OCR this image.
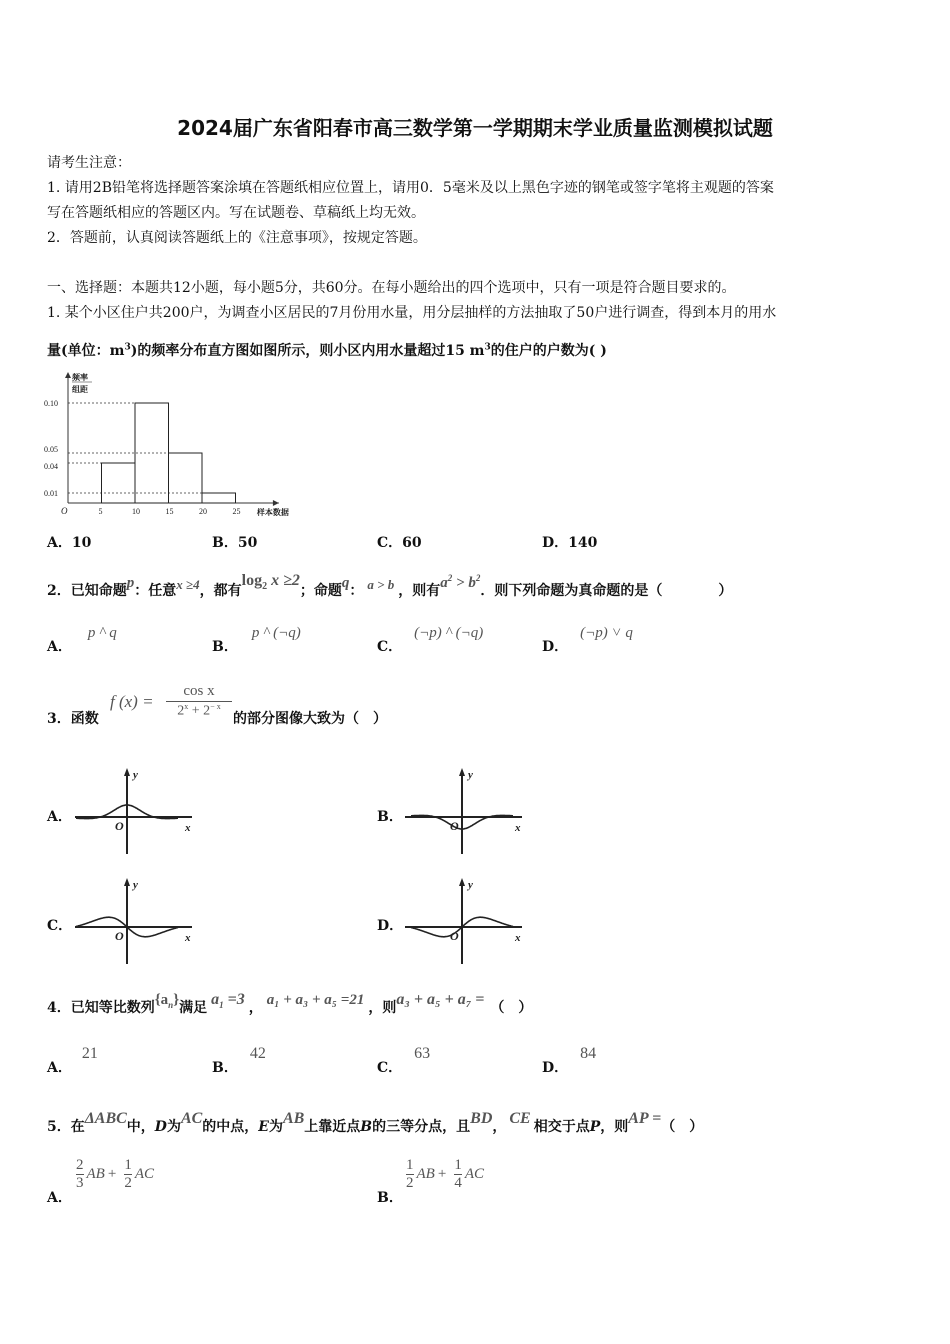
2024届广东省阳春市高三数学第一学期期末学业质量监测模拟试题
请考生注意：
1. 请用2B铅笔将选择题答案涂填在答题纸相应位置上，请用0．5毫米及以上黑色字迹的钢笔或签字笔将主观题的答案
写在答题纸相应的答题区内。写在试题卷、草稿纸上均无效。
2．答题前，认真阅读答题纸上的《注意事项》，按规定答题。
一、选择题：本题共12小题，每小题5分，共60分。在每小题给出的四个选项中，只有一项是符合题目要求的。
1. 某个小区住户共200户，为调查小区居民的7月份用水量，用分层抽样的方法抽取了50户进行调查，得到本月的用水
量(单位：$m^3$)的频率分布直方图如图所示，则小区内用水量超过15 $m^3$的住户的户数为( )
0.10
0.05
0.04
0.01
5	10	15	20	25
O	样本数据
频率
组距
A．10	B．50	C．60	D．140
2．已知命题p：任意x ≥4，都有$\log_2 x \ge 2$；命题q： a > b ，则有$a^2 > b^2$．则下列命题为真命题的是（　　　　）
A．p ^ q
B．p ^ (¬q)
C．(¬p) ^ (¬q)
D．(¬p) ˅ q
3．函数
f (x) =
cos x
$2^x + 2^{- x}$
的部分图像大致为（　）
A．
y
x
O
B．
y
x
O
C．
y
x
O
D．
y
x
O
4．已知等比数列$\{a_n\}$满足 $a_1 =3$ ， a₁ + a₃ + a₅ =21 ，则a₃ + a₅ + a₇ = （　）
A．21
B．42
C．63
D．84
5．在ΔABC中，D为AC的中点，E为AB上靠近点B的三等分点，且BD， CE 相交于点P，则AP =（　）
A．
$\frac{2}{3}$ AB + $\frac{1}{2}$ AC
B．
$\frac{1}{2}$ AB + $\frac{1}{4}$ AC
